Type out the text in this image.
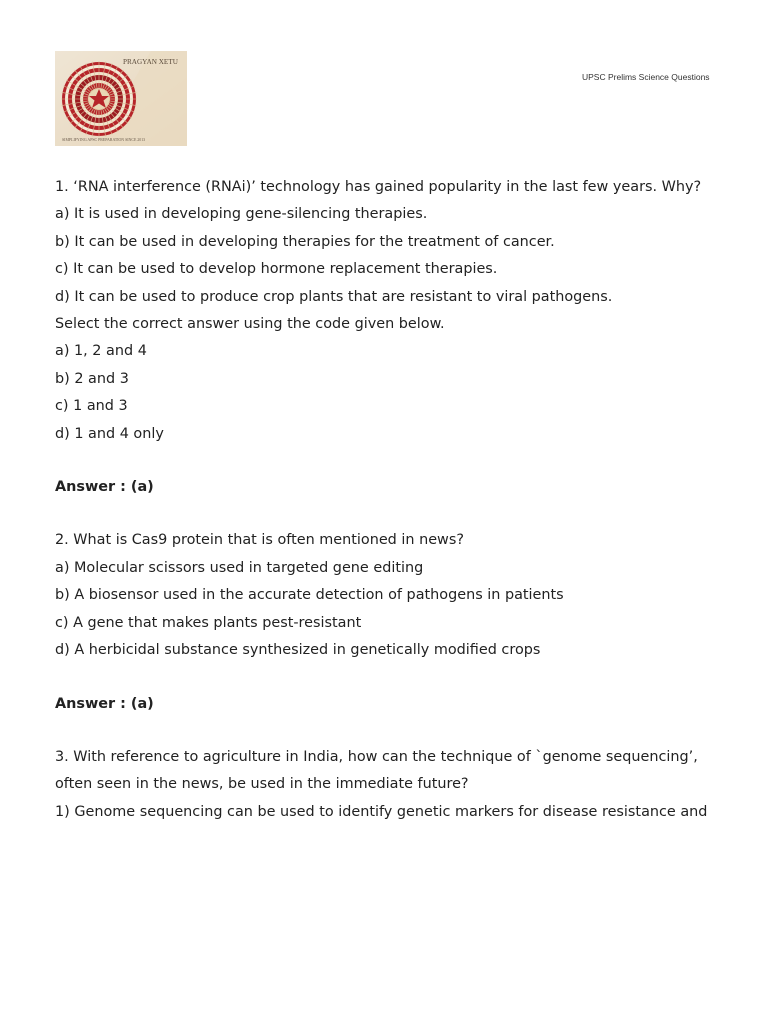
PRAGYAN XETU
SIMPLIFYING APSC PREPARATION SINCE 2013
UPSC Prelims Science Questions
1. ‘RNA interference (RNAi)’ technology has gained popularity in the last few years. Why?
a) It is used in developing gene-silencing therapies.
b) It can be used in developing therapies for the treatment of cancer.
c) It can be used to develop hormone replacement therapies.
d) It can be used to produce crop plants that are resistant to viral pathogens.
Select the correct answer using the code given below.
a) 1, 2 and 4
b) 2 and 3
c) 1 and 3
d) 1 and 4 only
Answer : (a)
2. What is Cas9 protein that is often mentioned in news?
a) Molecular scissors used in targeted gene editing
b) A biosensor used in the accurate detection of pathogens in patients
c) A gene that makes plants pest-resistant
d) A herbicidal substance synthesized in genetically modified crops
Answer : (a)
3. With reference to agriculture in India, how can the technique of `genome sequencing’,
often seen in the news, be used in the immediate future?
1) Genome sequencing can be used to identify genetic markers for disease resistance and
